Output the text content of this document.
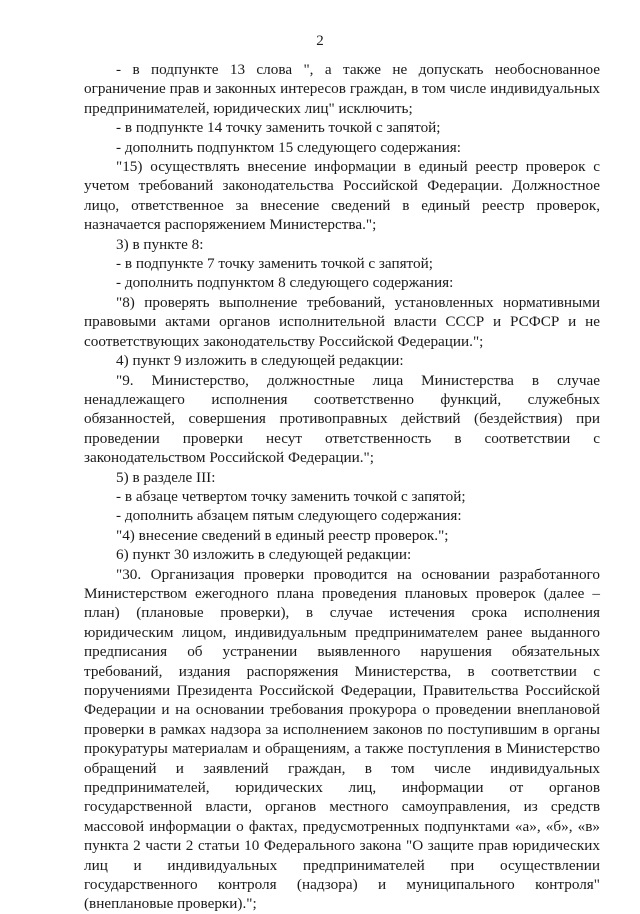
2

- в подпункте 13 слова ", а также не допускать необоснованное ограничение прав и законных интересов граждан, в том числе индивидуальных предпринимателей, юридических лиц" исключить;

- в подпункте 14 точку заменить точкой с запятой;

- дополнить подпунктом 15 следующего содержания:

"15) осуществлять внесение информации в единый реестр проверок с учетом требований законодательства Российской Федерации. Должностное лицо, ответственное за внесение сведений в единый реестр проверок, назначается распоряжением Министерства.";

3) в пункте 8:

- в подпункте 7 точку заменить точкой с запятой;

- дополнить подпунктом 8 следующего содержания:

"8) проверять выполнение требований, установленных нормативными правовыми актами органов исполнительной власти СССР и РСФСР и не соответствующих законодательству Российской Федерации.";

4) пункт 9 изложить в следующей редакции:

"9. Министерство, должностные лица Министерства в случае ненадлежащего исполнения соответственно функций, служебных обязанностей, совершения противоправных действий (бездействия) при проведении проверки несут ответственность в соответствии с законодательством Российской Федерации.";

5) в разделе III:

- в абзаце четвертом точку заменить точкой с запятой;

- дополнить абзацем пятым следующего содержания:

"4) внесение сведений в единый реестр проверок.";

6) пункт 30 изложить в следующей редакции:

"30. Организация проверки проводится на основании разработанного Министерством ежегодного плана проведения плановых проверок (далее – план) (плановые проверки), в случае истечения срока исполнения юридическим лицом, индивидуальным предпринимателем ранее выданного предписания об устранении выявленного нарушения обязательных требований, издания распоряжения Министерства, в соответствии с поручениями Президента Российской Федерации, Правительства Российской Федерации и на основании требования прокурора о проведении внеплановой проверки в рамках надзора за исполнением законов по поступившим в органы прокуратуры материалам и обращениям, а также поступления в Министерство обращений и заявлений граждан, в том числе индивидуальных предпринимателей, юридических лиц, информации от органов государственной власти, органов местного самоуправления, из средств массовой информации о фактах, предусмотренных подпунктами «а», «б», «в» пункта 2 части 2 статьи 10 Федерального закона "О защите прав юридических лиц и индивидуальных предпринимателей при осуществлении государственного контроля (надзора) и муниципального контроля" (внеплановые проверки).";
